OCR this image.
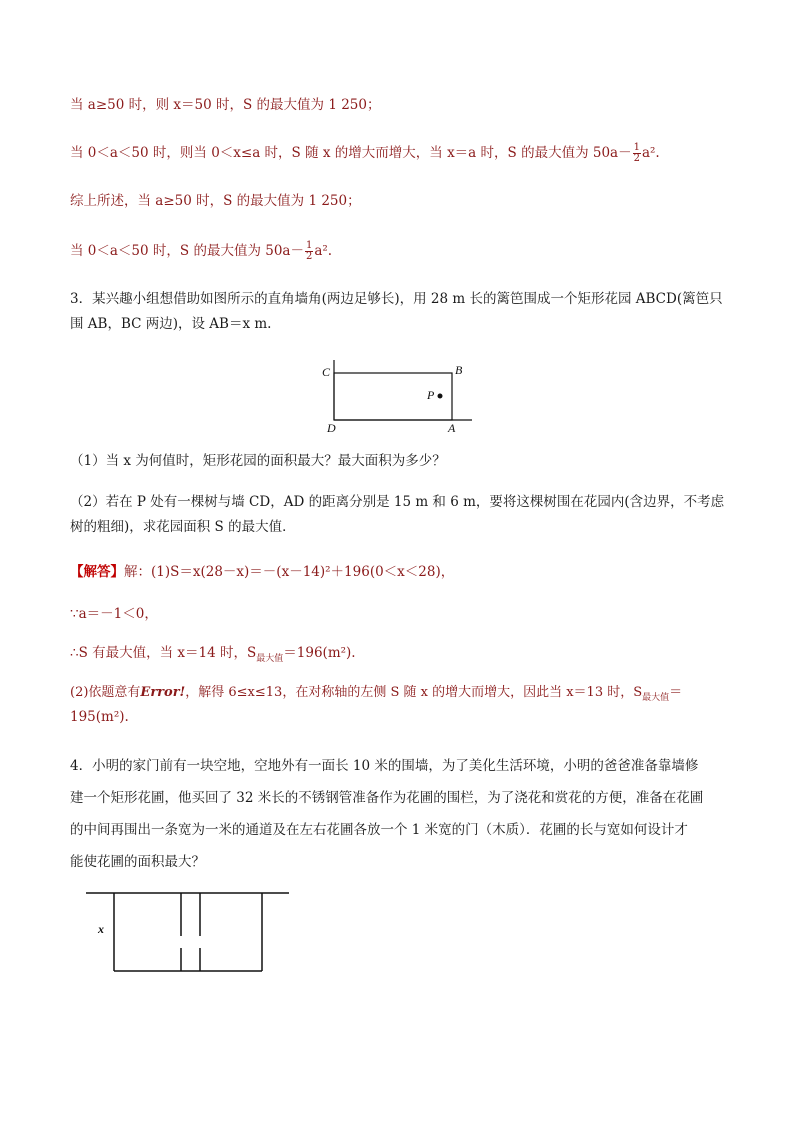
当 a≥50 时，则 x＝50 时，S 的最大值为 1 250；
当 0＜a＜50 时，则当 0＜x≤a 时，S 随 x 的增大而增大，当 x＝a 时，S 的最大值为 $50a- \frac{1}{2} a^2$.
综上所述，当 a≥50 时，S 的最大值为 1 250；
当 0＜a＜50 时，S 的最大值为 $50a- \frac{1}{2} a^2$.
3．某兴趣小组想借助如图所示的直角墙角(两边足够长)，用 28 m 长的篱笆围成一个矩形花园 ABCD(篱笆只
围 AB，BC 两边)，设 AB＝x m.
C	B
P
D	A
（1）当 x 为何值时，矩形花园的面积最大？最大面积为多少？
（2）若在 P 处有一棵树与墙 CD，AD 的距离分别是 15 m 和 6 m，要将这棵树围在花园内(含边界，不考虑
树的粗细)，求花园面积 S 的最大值．
【解答】解：(1)S＝x(28－x)＝－(x－14)²＋196(0＜x＜28)，
∵a＝－1＜0，
∴S 有最大值，当 x＝14 时，$S_{最大值}=196(m^2)$.
(2)依题意有Error!，解得 6≤x≤13，在对称轴的左侧 S 随 x 的增大而增大，因此当 x＝13 时，$S_{最大值}=$
195(m²).
4．小明的家门前有一块空地，空地外有一面长 10 米的围墙，为了美化生活环境，小明的爸爸准备靠墙修
建一个矩形花圃，他买回了 32 米长的不锈钢管准备作为花圃的围栏，为了浇花和赏花的方便，准备在花圃
的中间再围出一条宽为一米的通道及在左右花圃各放一个 1 米宽的门（木质）．花圃的长与宽如何设计才
能使花圃的面积最大？
x
